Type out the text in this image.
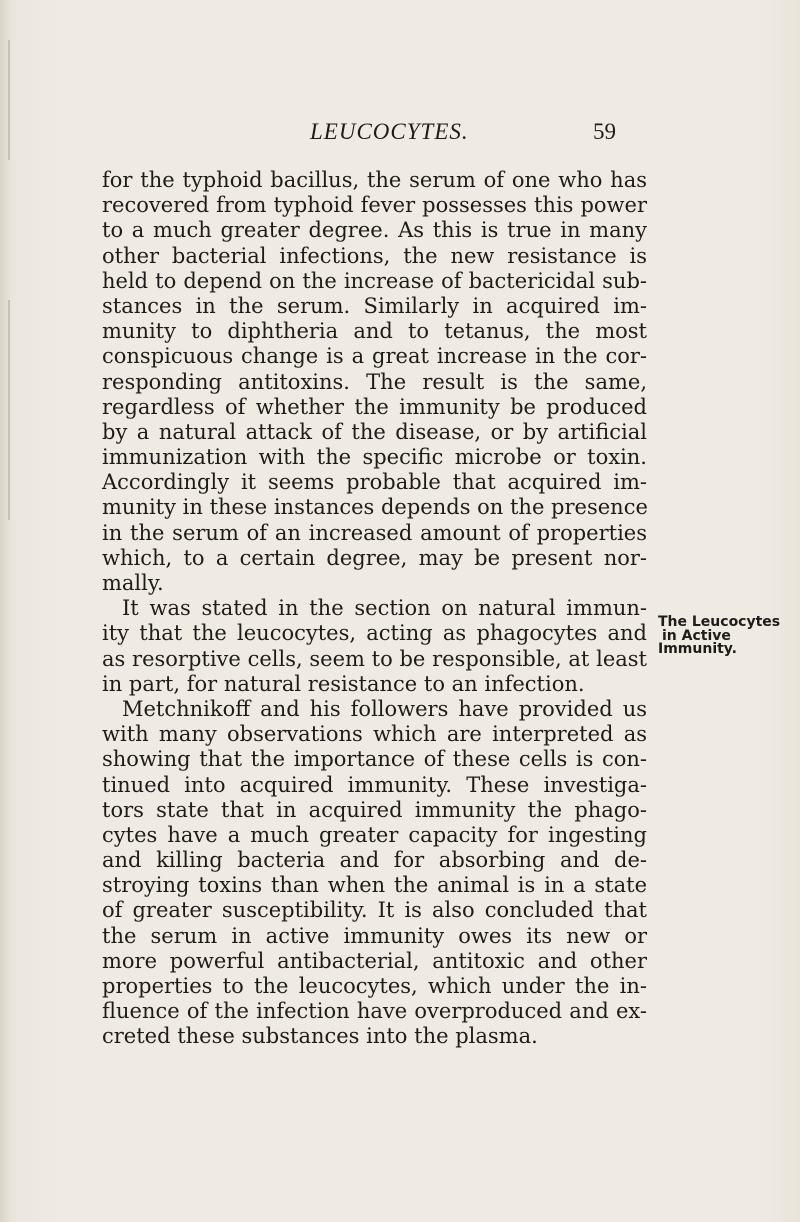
LEUCOCYTES.	59
for the typhoid bacillus, the serum of one who has
recovered from typhoid fever possesses this power
to a much greater degree. As this is true in many
other bacterial infections, the new resistance is
held to depend on the increase of bactericidal sub-
stances in the serum. Similarly in acquired im-
munity to diphtheria and to tetanus, the most
conspicuous change is a great increase in the cor-
responding antitoxins. The result is the same,
regardless of whether the immunity be produced
by a natural attack of the disease, or by artificial
immunization with the specific microbe or toxin.
Accordingly it seems probable that acquired im-
munity in these instances depends on the presence
in the serum of an increased amount of properties
which, to a certain degree, may be present nor-
mally.
It was stated in the section on natural immun-
ity that the leucocytes, acting as phagocytes and
as resorptive cells, seem to be responsible, at least
in part, for natural resistance to an infection.
Metchnikoff and his followers have provided us
with many observations which are interpreted as
showing that the importance of these cells is con-
tinued into acquired immunity. These investiga-
tors state that in acquired immunity the phago-
cytes have a much greater capacity for ingesting
and killing bacteria and for absorbing and de-
stroying toxins than when the animal is in a state
of greater susceptibility. It is also concluded that
the serum in active immunity owes its new or
more powerful antibacterial, antitoxic and other
properties to the leucocytes, which under the in-
fluence of the infection have overproduced and ex-
creted these substances into the plasma.
The Leucocytes
in Active
Immunity.
